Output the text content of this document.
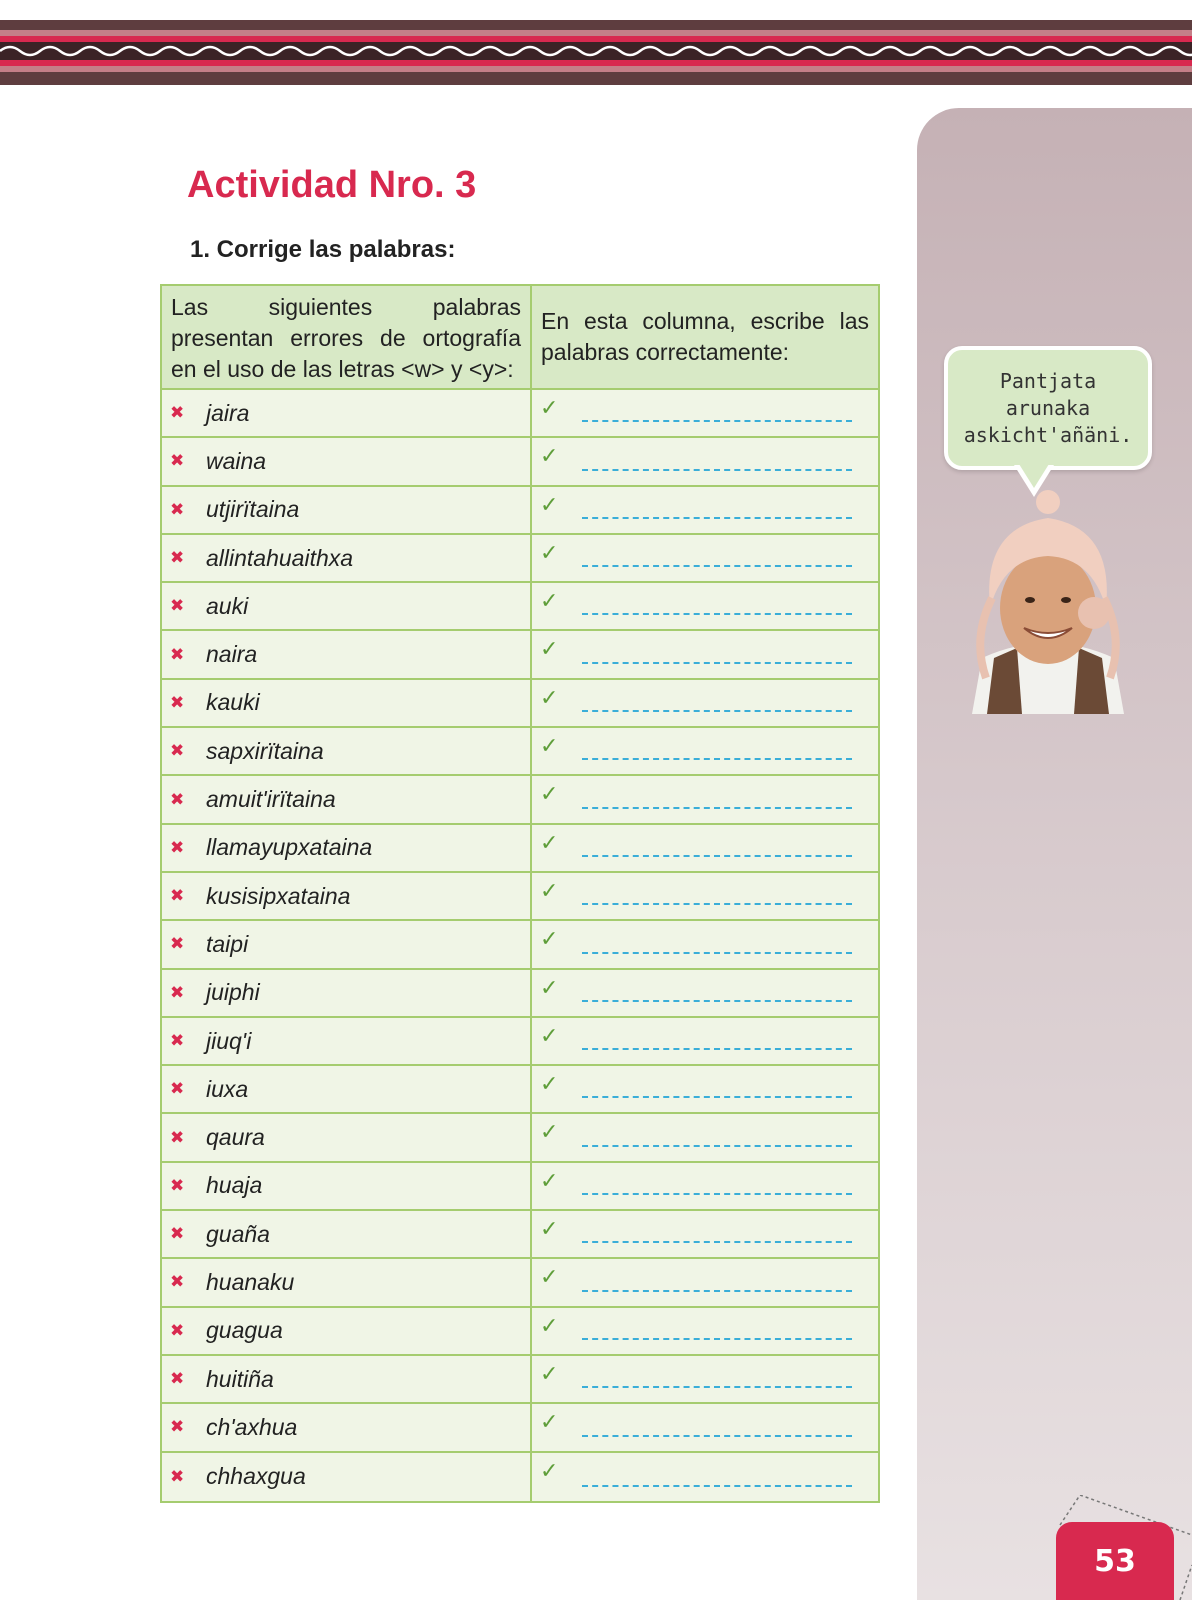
Pantjata
arunaka
askicht'añäni.
53
Actividad Nro. 3
1. Corrige las palabras:
Las siguientes palabras presentan errores de ortografía en el uso de las letras <w> y <y>:
En esta columna, escribe las palabras correctamente:
✖ jaira	✓
✖ waina	✓
✖ utjirïtaina	✓
✖ allintahuaithxa	✓
✖ auki	✓
✖ naira	✓
✖ kauki	✓
✖ sapxirïtaina	✓
✖ amuit'irïtaina	✓
✖ llamayupxataina	✓
✖ kusisipxataina	✓
✖ taipi	✓
✖ juiphi	✓
✖ jiuq'i	✓
✖ iuxa	✓
✖ qaura	✓
✖ huaja	✓
✖ guaña	✓
✖ huanaku	✓
✖ guagua	✓
✖ huitiña	✓
✖ ch'axhua	✓
✖ chhaxgua	✓
